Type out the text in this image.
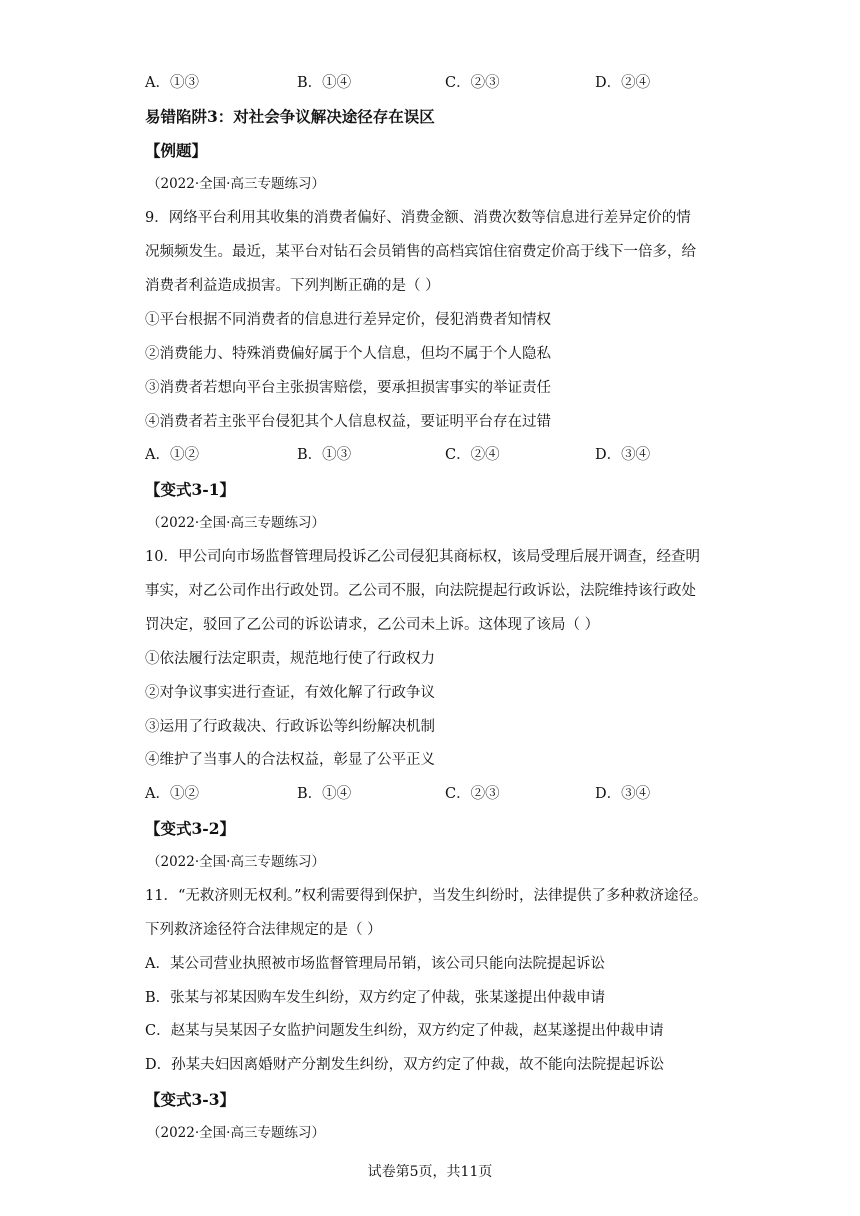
A．①③	B．①④	C．②③	D．②④
易错陷阱3：对社会争议解决途径存在误区
【例题】
（2022·全国·高三专题练习）
9．网络平台利用其收集的消费者偏好、消费金额、消费次数等信息进行差异定价的情
况频频发生。最近，某平台对钻石会员销售的高档宾馆住宿费定价高于线下一倍多，给
消费者利益造成损害。下列判断正确的是（ ）
①平台根据不同消费者的信息进行差异定价，侵犯消费者知情权
②消费能力、特殊消费偏好属于个人信息，但均不属于个人隐私
③消费者若想向平台主张损害赔偿，要承担损害事实的举证责任
④消费者若主张平台侵犯其个人信息权益，要证明平台存在过错
A．①②	B．①③	C．②④	D．③④
【变式3-1】
（2022·全国·高三专题练习）
10．甲公司向市场监督管理局投诉乙公司侵犯其商标权，该局受理后展开调查，经查明
事实，对乙公司作出行政处罚。乙公司不服，向法院提起行政诉讼，法院维持该行政处
罚决定，驳回了乙公司的诉讼请求，乙公司未上诉。这体现了该局（ ）
①依法履行法定职责，规范地行使了行政权力
②对争议事实进行查证，有效化解了行政争议
③运用了行政裁决、行政诉讼等纠纷解决机制
④维护了当事人的合法权益，彰显了公平正义
A．①②	B．①④	C．②③	D．③④
【变式3-2】
（2022·全国·高三专题练习）
11．“无救济则无权利。”权利需要得到保护，当发生纠纷时，法律提供了多种救济途径。
下列救济途径符合法律规定的是（ ）
A．某公司营业执照被市场监督管理局吊销，该公司只能向法院提起诉讼
B．张某与祁某因购车发生纠纷，双方约定了仲裁，张某遂提出仲裁申请
C．赵某与吴某因子女监护问题发生纠纷，双方约定了仲裁，赵某遂提出仲裁申请
D．孙某夫妇因离婚财产分割发生纠纷，双方约定了仲裁，故不能向法院提起诉讼
【变式3-3】
（2022·全国·高三专题练习）
试卷第5页，共11页
